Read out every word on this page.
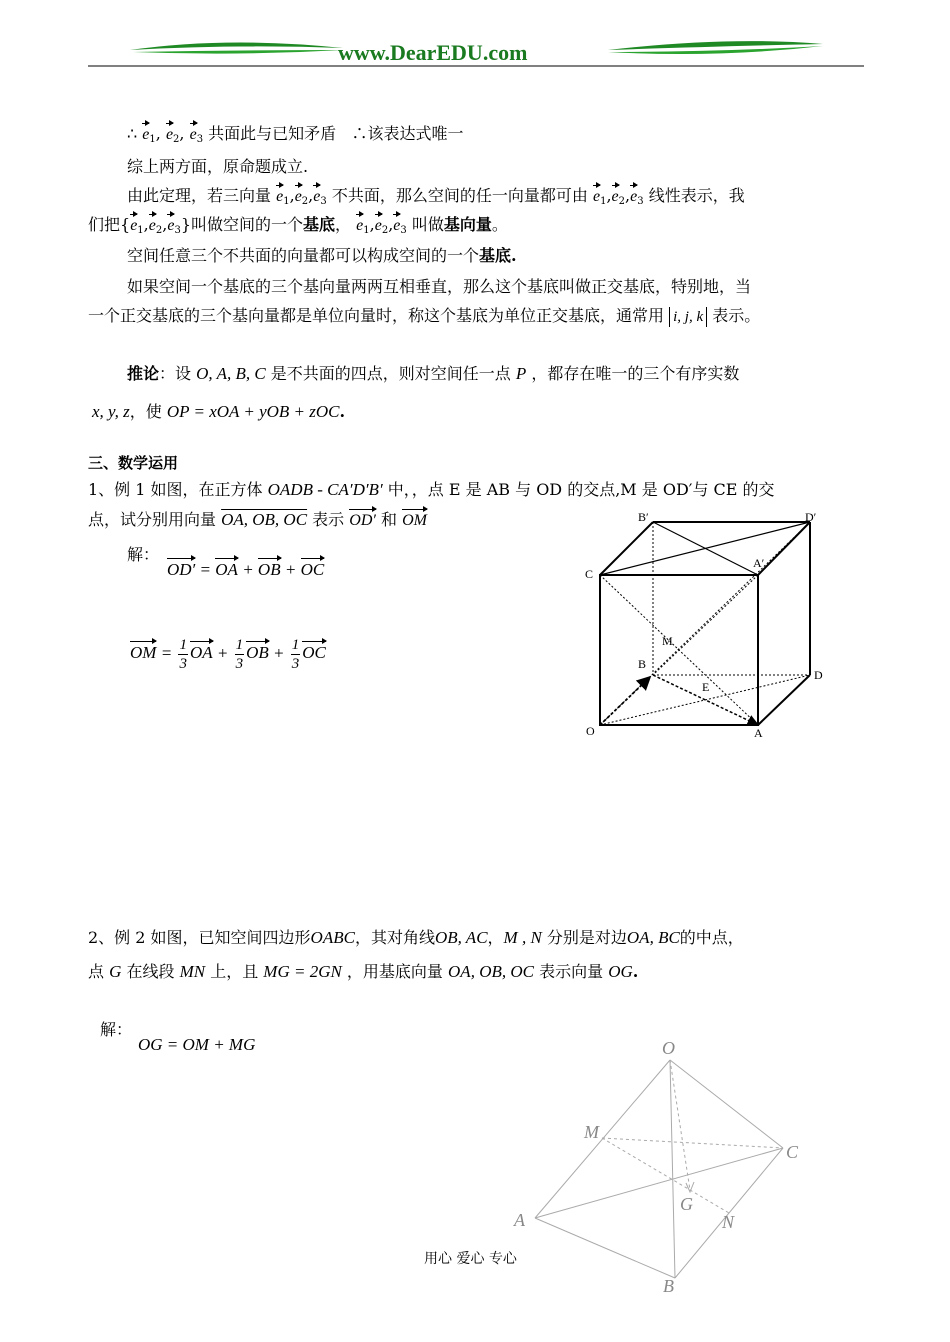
www.DearEDU.com
∴ $e_1$, $e_2$, $e_3$ 共面此与已知矛盾 ∴该表达式唯一
综上两方面，原命题成立.
由此定理，若三向量 $e_1,e_2,e_3$ 不共面，那么空间的任一向量都可由 $e_1,e_2,e_3$ 线性表示，我
们把$\{e_1,e_2,e_3\}$叫做空间的一个基底， $e_1,e_2,e_3$ 叫做基向量。
空间任意三个不共面的向量都可以构成空间的一个基底.
如果空间一个基底的三个基向量两两互相垂直，那么这个基底叫做正交基底，特别地，当
一个正交基底的三个基向量都是单位向量时，称这个基底为单位正交基底，通常用 i, j, k 表示。
推论：设 O, A, B, C 是不共面的四点，则对空间任一点 P ，都存在唯一的三个有序实数
x, y, z，使 OP = xOA + yOB + zOC.
三、数学运用
1、例 1 如图，在正方体 OADB - CA′D′B′ 中，，点 E 是 AB 与 OD 的交点,M 是 OD′与 CE 的交
点，试分别用向量 OA, OB, OC 表示 OD′ 和 OM
解：
OD′ = OA + OB + OC
OM = $\frac{1}{3}$ OA + $\frac{1}{3}$ OB + $\frac{1}{3}$ OC
B′	D′
A′
C
M
B
D
E
O	A
2、例 2 如图，已知空间四边形OABC，其对角线OB, AC，M , N 分别是对边OA, BC的中点，
点 G 在线段 MN 上，且 MG = 2GN ，用基底向量 OA, OB, OC 表示向量 OG.
解：
OG = OM + MG	O
M
C
G
A	N
B
用心 爱心 专心
